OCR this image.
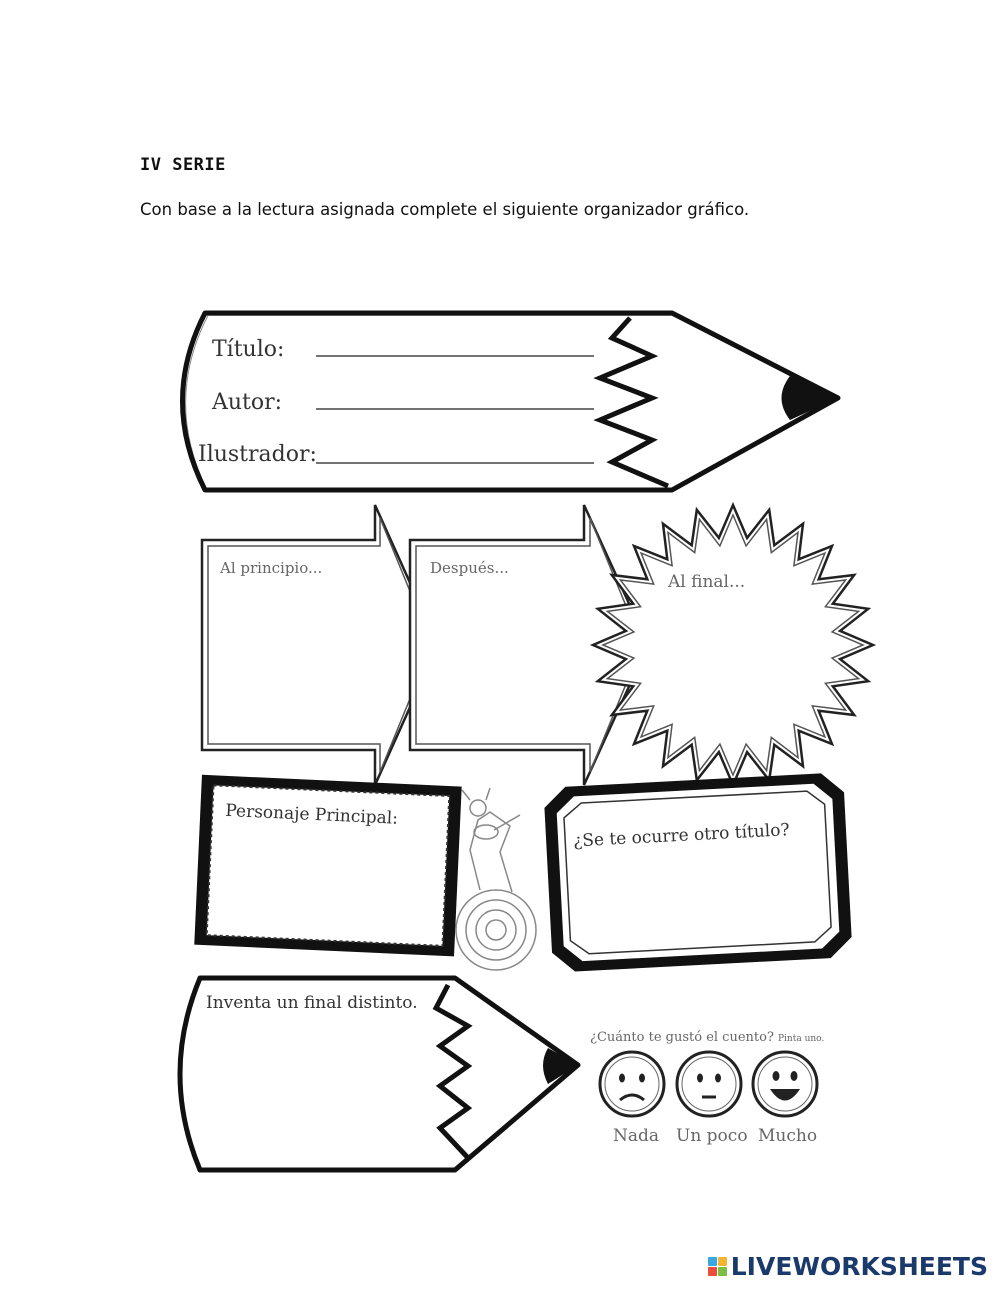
IV SERIE
Con base a la lectura asignada complete el siguiente organizador gráfico.
Título:
Autor:
Ilustrador:
Al principio...	Después...
Al final...
Personaje Principal:
¿Se te ocurre otro título?
Inventa un final distinto.
¿Cuánto te gustó el cuento? Pinta uno.
Nada Un poco Mucho
LIVEWORKSHEETS
